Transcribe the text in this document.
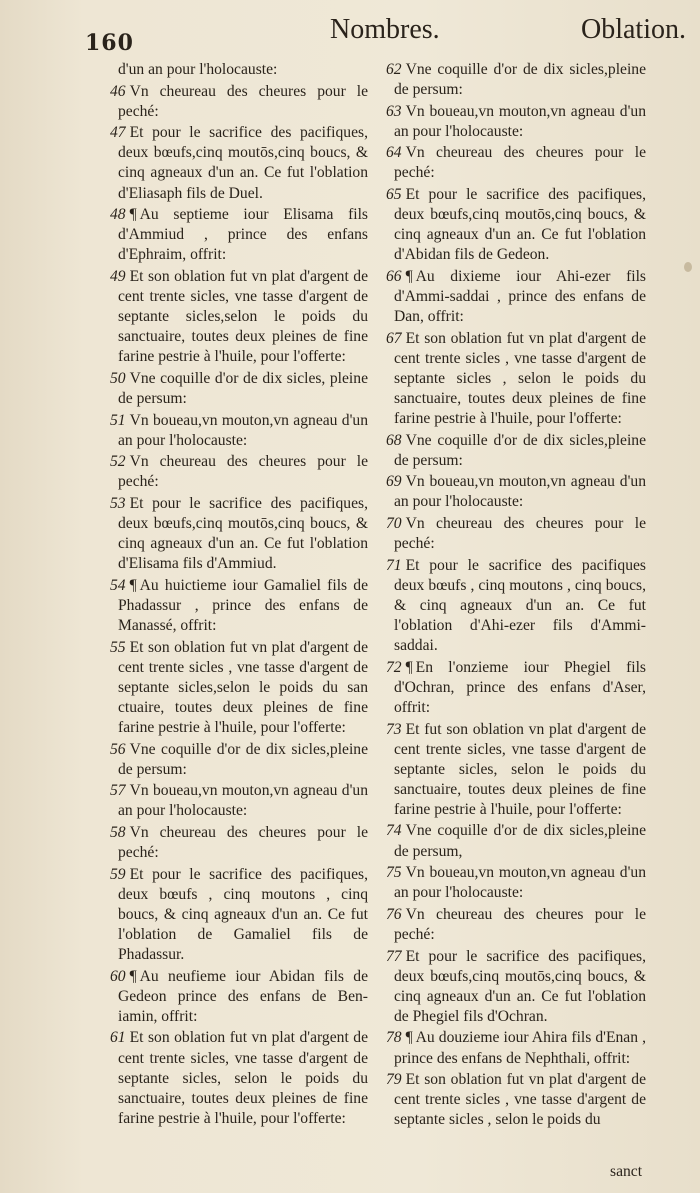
160	Nombres.	Oblation.

d'un an pour l'holocauste:

46 Vn cheureau des cheures pour le peché:

47 Et pour le sacrifice des pacifiques, deux bœufs,cinq moutōs,cinq boucs, & cinq agneaux d'un an. Ce fut l'oblation d'Eliasaph fils de Duel.

48 ¶ Au septieme iour Elisama fils d'Ammiud , prince des enfans d'Ephraim, offrit:

49 Et son oblation fut vn plat d'argent de cent trente sicles, vne tasse d'argent de septante sicles,selon le poids du sanctuaire, toutes deux pleines de fine farine pestrie à l'huile, pour l'offerte:

50 Vne coquille d'or de dix sicles, pleine de persum:

51 Vn boueau,vn mouton,vn agneau d'un an pour l'holocauste:

52 Vn cheureau des cheures pour le peché:

53 Et pour le sacrifice des pacifiques, deux bœufs,cinq moutōs,cinq boucs, & cinq agneaux d'un an. Ce fut l'oblation d'Elisama fils d'Ammiud.

54 ¶ Au huictieme iour Gamaliel fils de Phadassur , prince des enfans de Manassé, offrit:

55 Et son oblation fut vn plat d'argent de cent trente sicles , vne tasse d'argent de septante sicles,selon le poids du san ctuaire, toutes deux pleines de fine farine pestrie à l'huile, pour l'offerte:

56 Vne coquille d'or de dix sicles,pleine de persum:

57 Vn boueau,vn mouton,vn agneau d'un an pour l'holocauste:

58 Vn cheureau des cheures pour le peché:

59 Et pour le sacrifice des pacifiques, deux bœufs , cinq moutons , cinq boucs, & cinq agneaux d'un an. Ce fut l'oblation de Gamaliel fils de Phadassur.

60 ¶ Au neufieme iour Abidan fils de Gedeon prince des enfans de Ben-iamin, offrit:

61 Et son oblation fut vn plat d'argent de cent trente sicles, vne tasse d'argent de septante sicles, selon le poids du sanctuaire, toutes deux pleines de fine farine pestrie à l'huile, pour l'offerte:

62 Vne coquille d'or de dix sicles,pleine de persum:

63 Vn boueau,vn mouton,vn agneau d'un an pour l'holocauste:

64 Vn cheureau des cheures pour le peché:

65 Et pour le sacrifice des pacifiques, deux bœufs,cinq moutōs,cinq boucs, & cinq agneaux d'un an. Ce fut l'oblation d'Abidan fils de Gedeon.

66 ¶ Au dixieme iour Ahi-ezer fils d'Ammi-saddai , prince des enfans de Dan, offrit:

67 Et son oblation fut vn plat d'argent de cent trente sicles , vne tasse d'argent de septante sicles , selon le poids du sanctuaire, toutes deux pleines de fine farine pestrie à l'huile, pour l'offerte:

68 Vne coquille d'or de dix sicles,pleine de persum:

69 Vn boueau,vn mouton,vn agneau d'un an pour l'holocauste:

70 Vn cheureau des cheures pour le peché:

71 Et pour le sacrifice des pacifiques deux bœufs , cinq moutons , cinq boucs, & cinq agneaux d'un an. Ce fut l'oblation d'Ahi-ezer fils d'Ammi-saddai.

72 ¶ En l'onzieme iour Phegiel fils d'Ochran, prince des enfans d'Aser, offrit:

73 Et fut son oblation vn plat d'argent de cent trente sicles, vne tasse d'argent de septante sicles, selon le poids du sanctuaire, toutes deux pleines de fine farine pestrie à l'huile, pour l'offerte:

74 Vne coquille d'or de dix sicles,pleine de persum,

75 Vn boueau,vn mouton,vn agneau d'un an pour l'holocauste:

76 Vn cheureau des cheures pour le peché:

77 Et pour le sacrifice des pacifiques, deux bœufs,cinq moutōs,cinq boucs, & cinq agneaux d'un an. Ce fut l'oblation de Phegiel fils d'Ochran.

78 ¶ Au douzieme iour Ahira fils d'Enan , prince des enfans de Nephthali, offrit:

79 Et son oblation fut vn plat d'argent de cent trente sicles , vne tasse d'argent de septante sicles , selon le poids du

sanct
